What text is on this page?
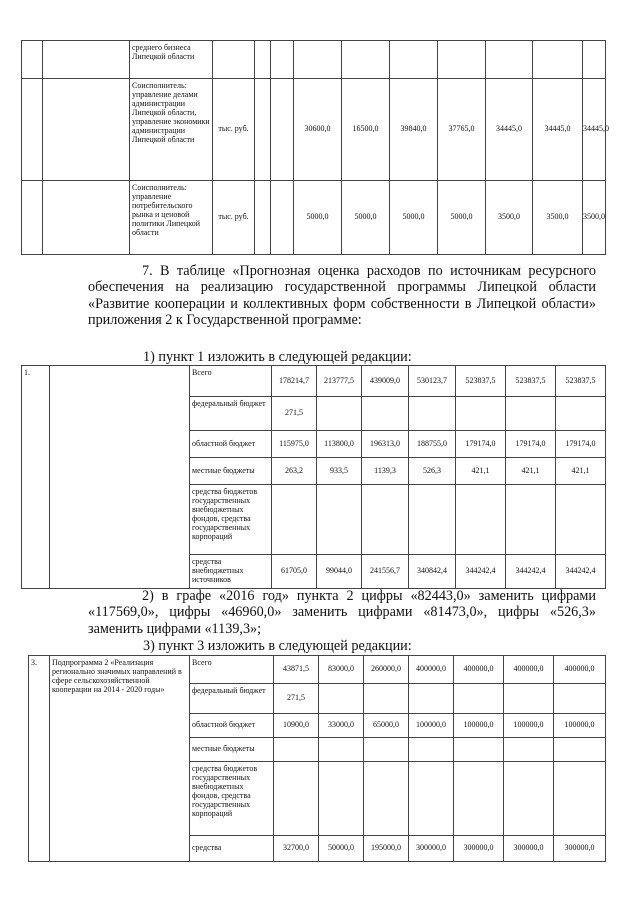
		среднего бизнеса Липецкой области										
		Соисполнитель: управление делами администрации Липецкой области, управление экономики администрации Липецкой области	тыс. руб.			30600,0	16500,0	39840,0	37765,0	34445,0	34445,0	34445,0
		Соисполнитель: управление потребительского рынка и ценовой политики Липецкой области	тыс. руб.			5000,0	5000,0	5000,0	5000,0	3500,0	3500,0	3500,0
7. В таблице «Прогнозная оценка расходов по источникам ресурсного обеспечения на реализацию государственной программы Липецкой области «Развитие кооперации и коллективных форм собственности в Липецкой области» приложения 2 к Государственной программе:
1) пункт 1 изложить в следующей редакции:
1.		Всего	178214,7	213777,5	439009,0	530123,7	523837,5	523837,5	523837,5
		федеральный бюджет	271,5						
		областной бюджет	115975,0	113800,0	196313,0	188755,0	179174,0	179174,0	179174,0
		местные бюджеты	263,2	933,5	1139,3	526,3	421,1	421,1	421,1
		средства бюджетов государственных внебюджетных фондов, средства государственных корпораций							
		средства внебюджетных источников	61705,0	99044,0	241556,7	340842,4	344242,4	344242,4	344242,4
2) в графе «2016 год» пункта 2 цифры «82443,0» заменить цифрами «117569,0», цифры «46960,0» заменить цифрами «81473,0», цифры «526,3» заменить цифрами «1139,3»;
3) пункт 3 изложить в следующей редакции:
3.	Подпрограмма 2 «Реализация регионально значимых направлений в сфере сельскохозяйственной кооперации на 2014 - 2020 годы»	Всего	43871,5	83000,0	260000,0	400000,0	400000,0	400000,0	400000,0
		федеральный бюджет	271,5						
		областной бюджет	10900,0	33000,0	65000,0	100000,0	100000,0	100000,0	100000,0
		местные бюджеты							
		средства бюджетов государственных внебюджетных фондов, средства государственных корпораций							
		средства	32700,0	50000,0	195000,0	300000,0	300000,0	300000,0	300000,0
